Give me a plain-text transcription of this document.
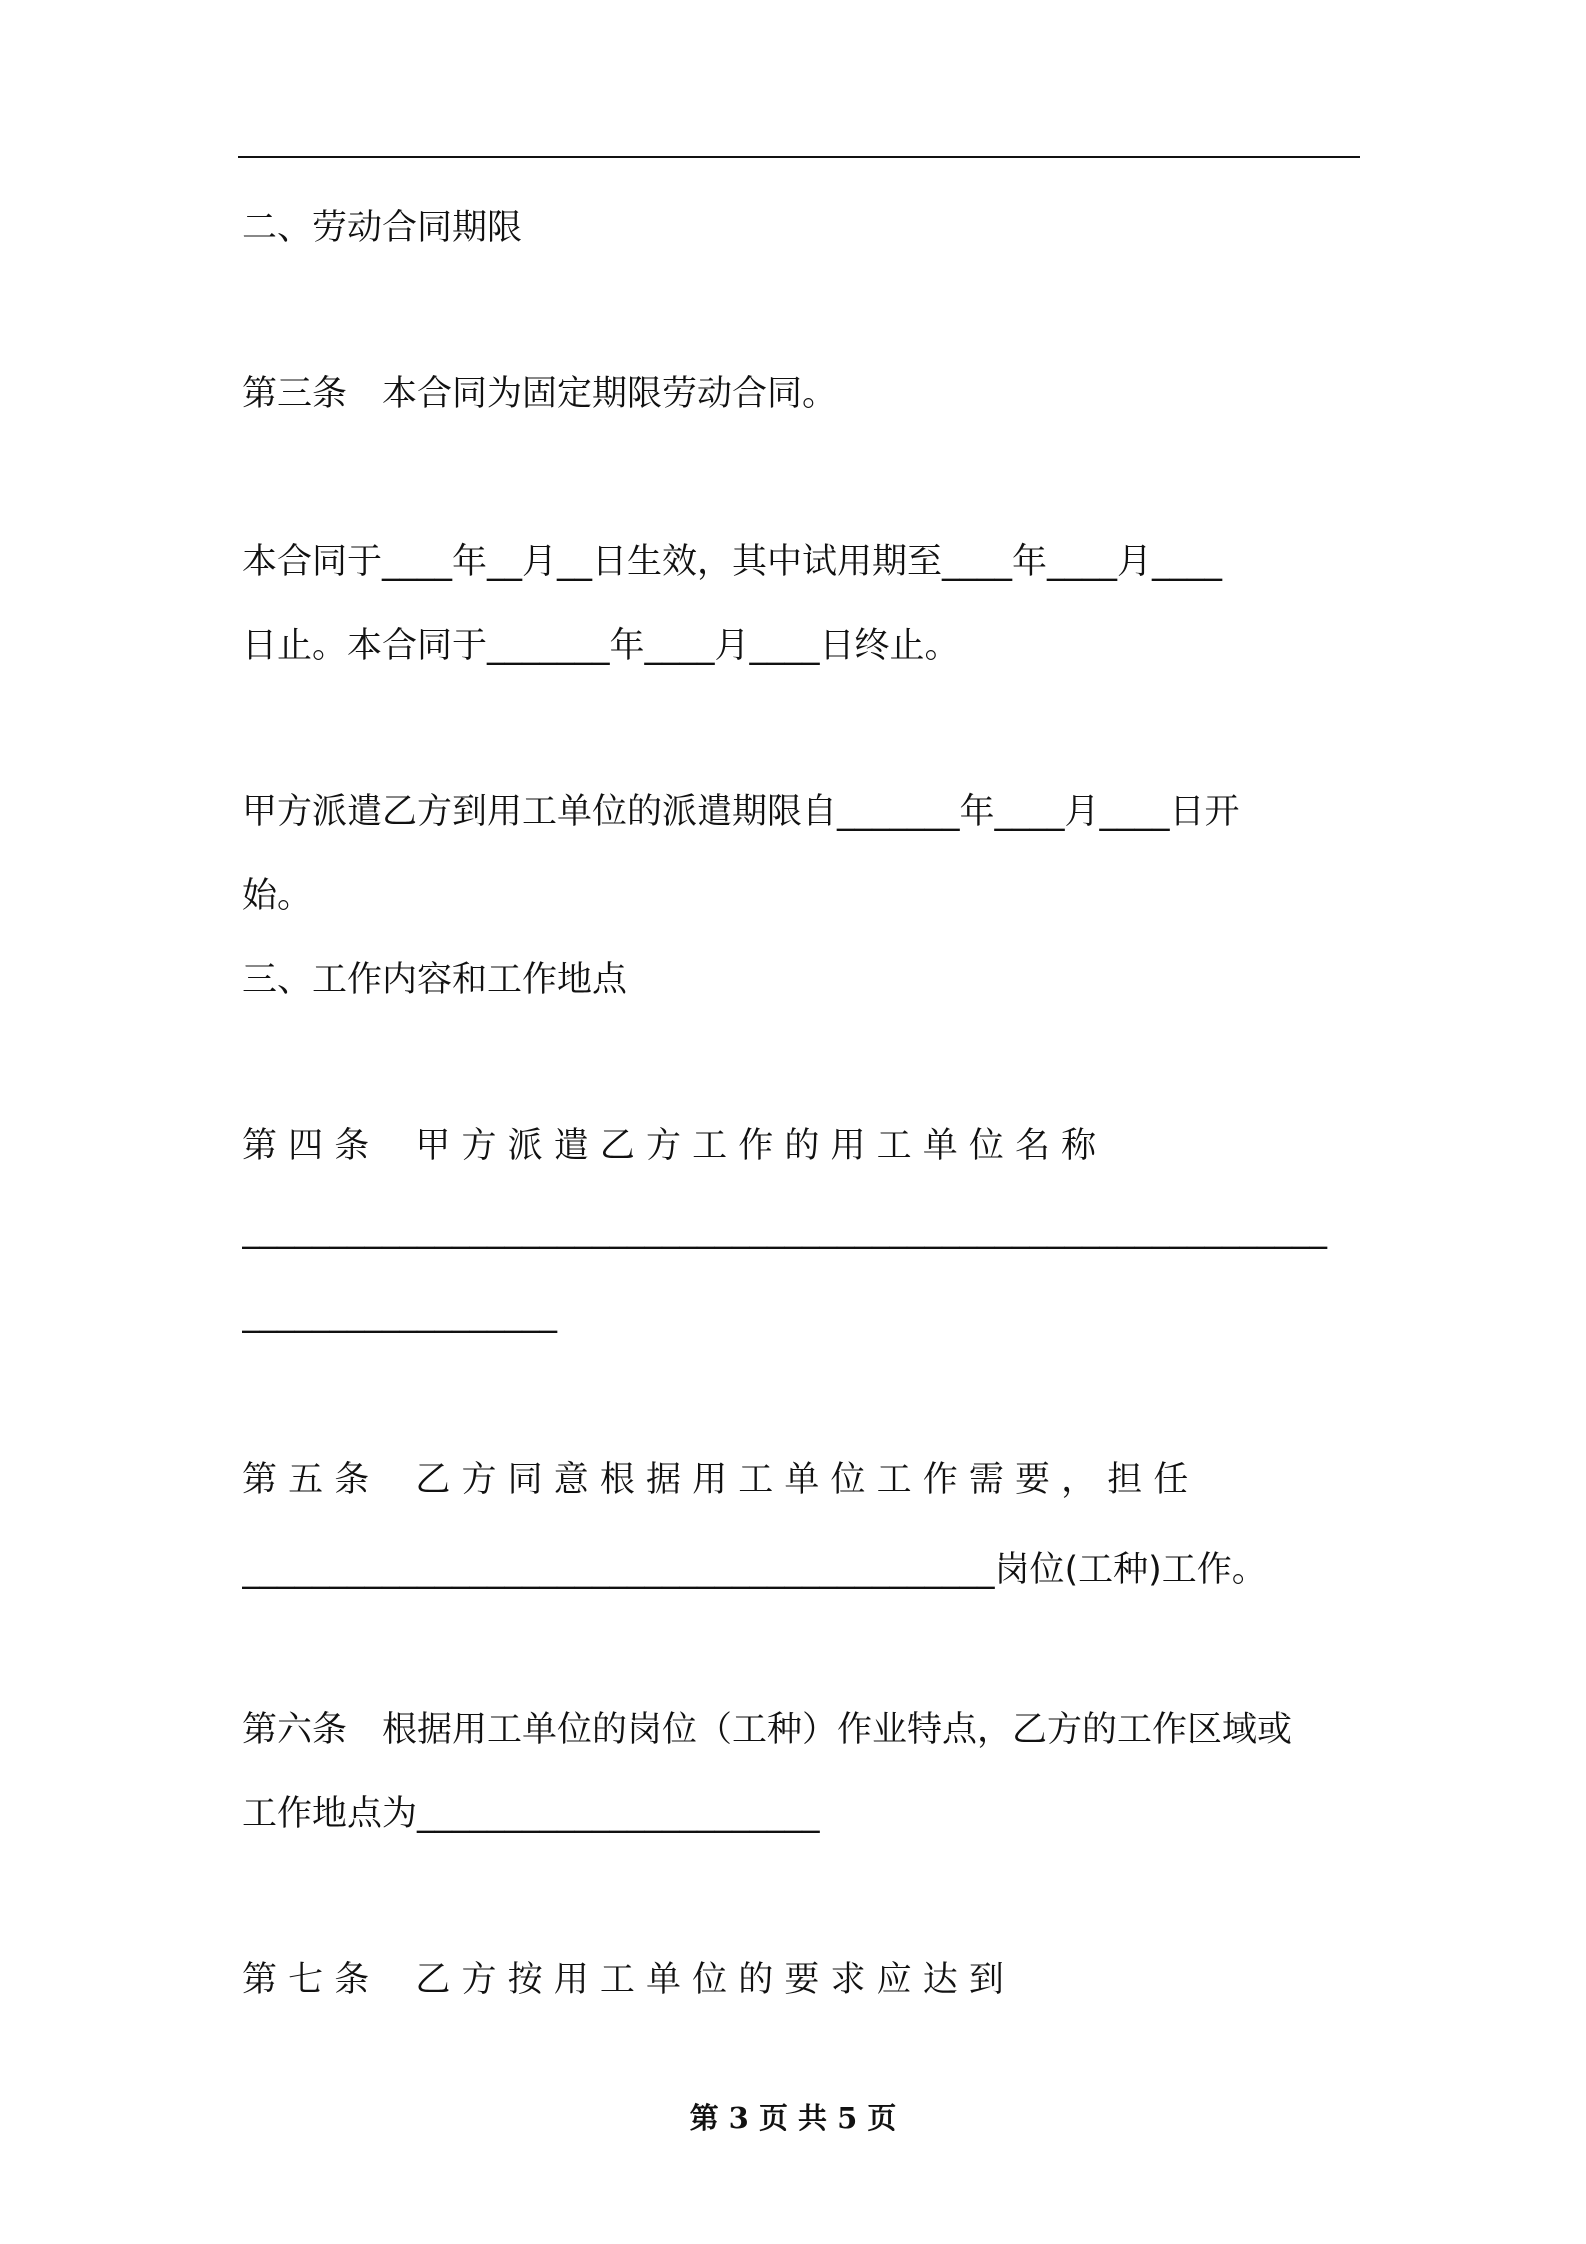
二、劳动合同期限
第三条　本合同为固定期限劳动合同。
本合同于____年__月__日生效，其中试用期至____年____月____
日止。本合同于_______年____月____日终止。
甲方派遣乙方到用工单位的派遣期限自_______年____月____日开
始。
三、工作内容和工作地点
第 四 条　 甲 方 派 遣 乙 方 工 作 的 用 工 单 位 名 称
______________________________________________________________
__________________
第 五 条　 乙 方 同 意 根 据 用 工 单 位 工 作 需 要 ， 担 任
___________________________________________岗位(工种)工作。
第六条　根据用工单位的岗位（工种）作业特点，乙方的工作区域或
工作地点为_______________________
第 七 条　 乙 方 按 用 工 单 位 的 要 求 应 达 到
第 3 页 共 5 页
